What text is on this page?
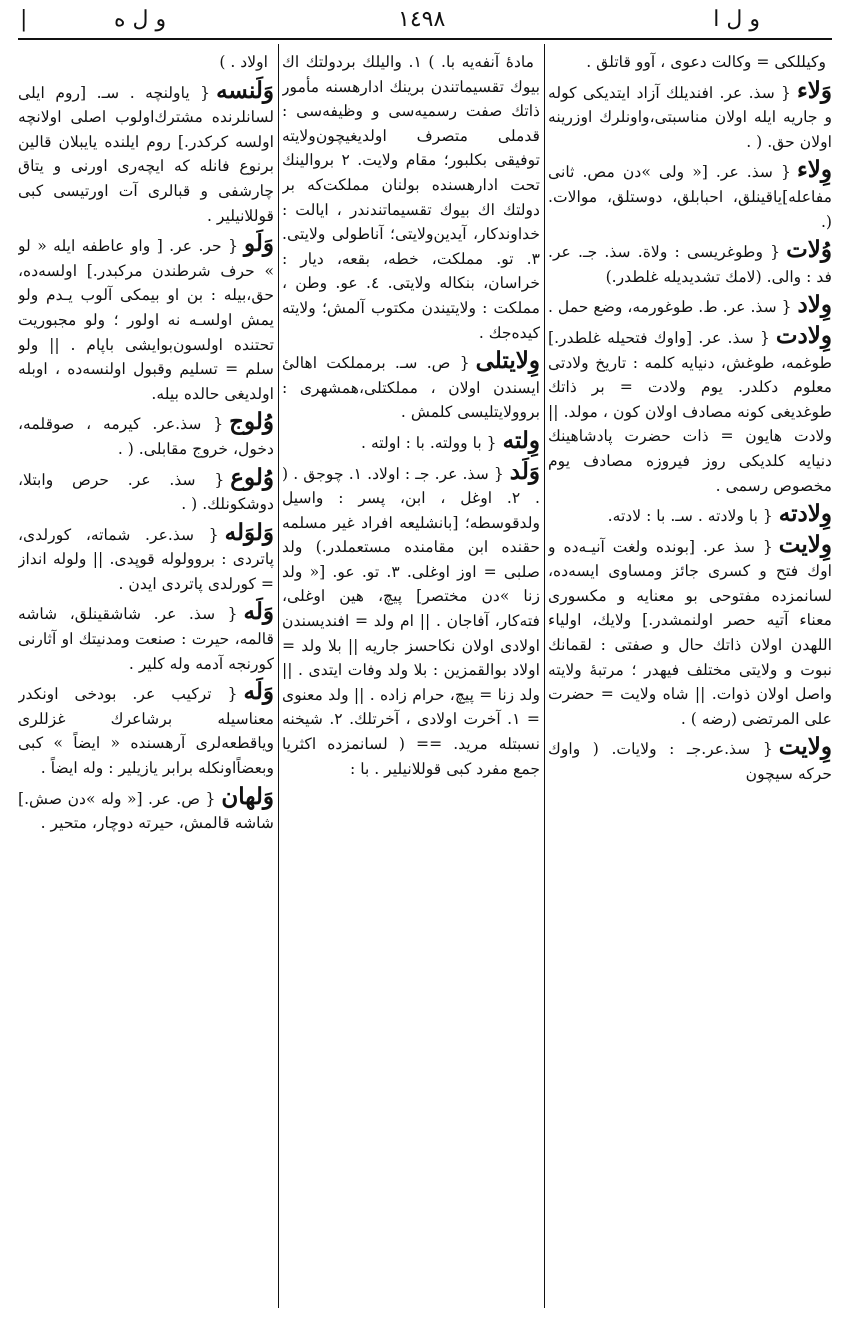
|	و ل ه	١٤٩٨	و ل ا

وكيللكى = وكالت دعوى ، آوو قاتلق .

وَلاء{ سذ. عر. افنديلك آزاد ايتديكى كوله و جاريه ايله اولان مناسبتى،واونلرك اوزرينه اولان حق. ( .

وِلاء{ سذ. عر. [« ولى »دن مص. ثانى مفاعله]ياقينلق، احبابلق، دوستلق، موالات. (.

وُلات{ وطوغريسى : ولاة. سذ. جـ. عر. فد : والى. (لامك تشديديله غلطدر.)

وِلاد{ سذ. عر. ط. طوغورمه، وضع حمل .

وِلادت{ سذ. عر. [واوك فتحيله غلطدر.] طوغمه، طوغش، دنيايه كلمه : تاريخ ولادتى معلوم دكلدر. يوم ولادت = بر ذاتك طوغديغى كونه مصادف اولان كون ، مولد. || ولادت هايون = ذات حضرت پادشاهينك دنيايه كلديكى روز فيروزه مصادف يوم مخصوص رسمى .

وِلادته{ با ولادته . سـ. با : لادته.

وِلايت{ سذ عر. [بونده ولغت آنيـه‌ده و اوك فتح و كسرى جائز ومساوى ايسه‌ده، لسانمزده مفتوحى بو معنايه و مكسورى معناء آتيه حصر اولنمشدر.] ولايك، اولياء اللهدن اولان ذاتك حال و صفتى : لقمانك نبوت و ولايتى مختلف فيهدر ؛ مرتبهٔ ولايته واصل اولان ذوات. || شاه ولايت = حضرت على المرتضى (رضه ) .

وِلايت{ سذ.عر.جـ : ولايات. ( واوك حركه سيچون

مادهٔ آنفه‌يه با. ) ١. واليلك بردولتك اك بيوك تقسيماتندن برينك ادارهسنه مأمور ذاتك صفت رسميه‌سى و وظيفه‌سى : قدملى متصرف اولديغيچون‌ولايته توفيقى بكلبور؛ مقام ولايت. ٢ بروالينك تحت ادارهسنده بولنان مملكت‌كه بر دولتك اك بيوك تقسيماتندندر ، ايالت : خداوندكار، آيدين‌ولايتى؛ آناطولى ولايتى. ٣. تو. مملكت، خطه، بقعه، ديار : خراسان، بنكاله ولايتى. ٤. عو. وطن ، مملكت : ولايتيندن مكتوب آلمش؛ ولايته كيده‌جك .

وِلايتلى{ ص. سـ. برمملكت اهالىٔ ايسندن اولان ، مملكتلى،همشهرى : بروولايتليسى كلمش .

وِلته{ با وولته. با : اولته .

وَلَد{ سذ. عر. جـ : اولاد. ١. چوجق . ( . ٢. اوغل ، ابن، پسر : واسيل ولدقوسطه؛ [بانشليعه افراد غير مسلمه حقنده ابن مقامنده مستعملدر.) ولد صلبى = اوز اوغلى. ٣. تو. عو. [« ولد زنا »دن مختصر] پيچ، هين اوغلى، فته‌كار، آفاجان . || ام ولد = افنديسندن اولادى اولان نكاحسز جاريه || بلا ولد = اولاد بوالقمزين : بلا ولد وفات ايتدى . || ولد زنا = پيچ، حرام زاده . || ولد معنوى = ١. آخرت اولادى ، آخرتلك. ٢. شيخنه نسبتله مريد. == ( لسانمزده اكثريا جمع مفرد كبى قوللانيلير . با :

اولاد . )

وَلَنسه{ ياولنچه . سـ. [روم ايلى لسانلرنده مشترك‌اولوب اصلى اولانچه اولسه كركدر.] روم ايلنده يايبلان قالين برنوع فانله كه ايچه‌رى اورنى و يتاق چارشفى و قبالرى آت اورتيسى كبى قوللانيلير .

وَلَو{ حر. عر. [ واو عاطفه ايله « لو » حرف شرطندن مركبدر.] اولسه‌ده، حق،بيله : بن او بيمكى آلوب يـدم ولو يمش اولسـه نه اولور ؛ ولو مجبوريت تحتنده اولسون‌بوايشى باپام . || ولو سلم = تسليم وقبول اولنسه‌ده ، اوبله اولديغى حالده بيله.

وُلوج{ سذ.عر. كيرمه ، صوقلمه، دخول، خروج مقابلى. ( .

وُلوع{ سذ. عر. حرص وابتلا، دوشكونلك. ( .

وَلوَله{ سذ.عر. شماته، كورلدى، پاتردى : بروولوله قوپدى. || ولوله انداز = كورلدى پاتردى ايدن .

وَلَه{ سذ. عر. شاشقينلق، شاشه قالمه، حيرت : صنعت ومدنيتك او آثارنى كورنجه آدمه وله كلير .

وَلَه{ تركيب عر. بودخى اونكدر معناسيله برشاعرك غزللرى وياقطعه‌لرى آرهسنده « ايضاً » كبى وبعضاًاونكله برابر يازيلير : وله ايضاً .

وَلهان{ ص. عر. [« وله »دن صش.] شاشه قالمش، حيرته دوچار، متحير .
